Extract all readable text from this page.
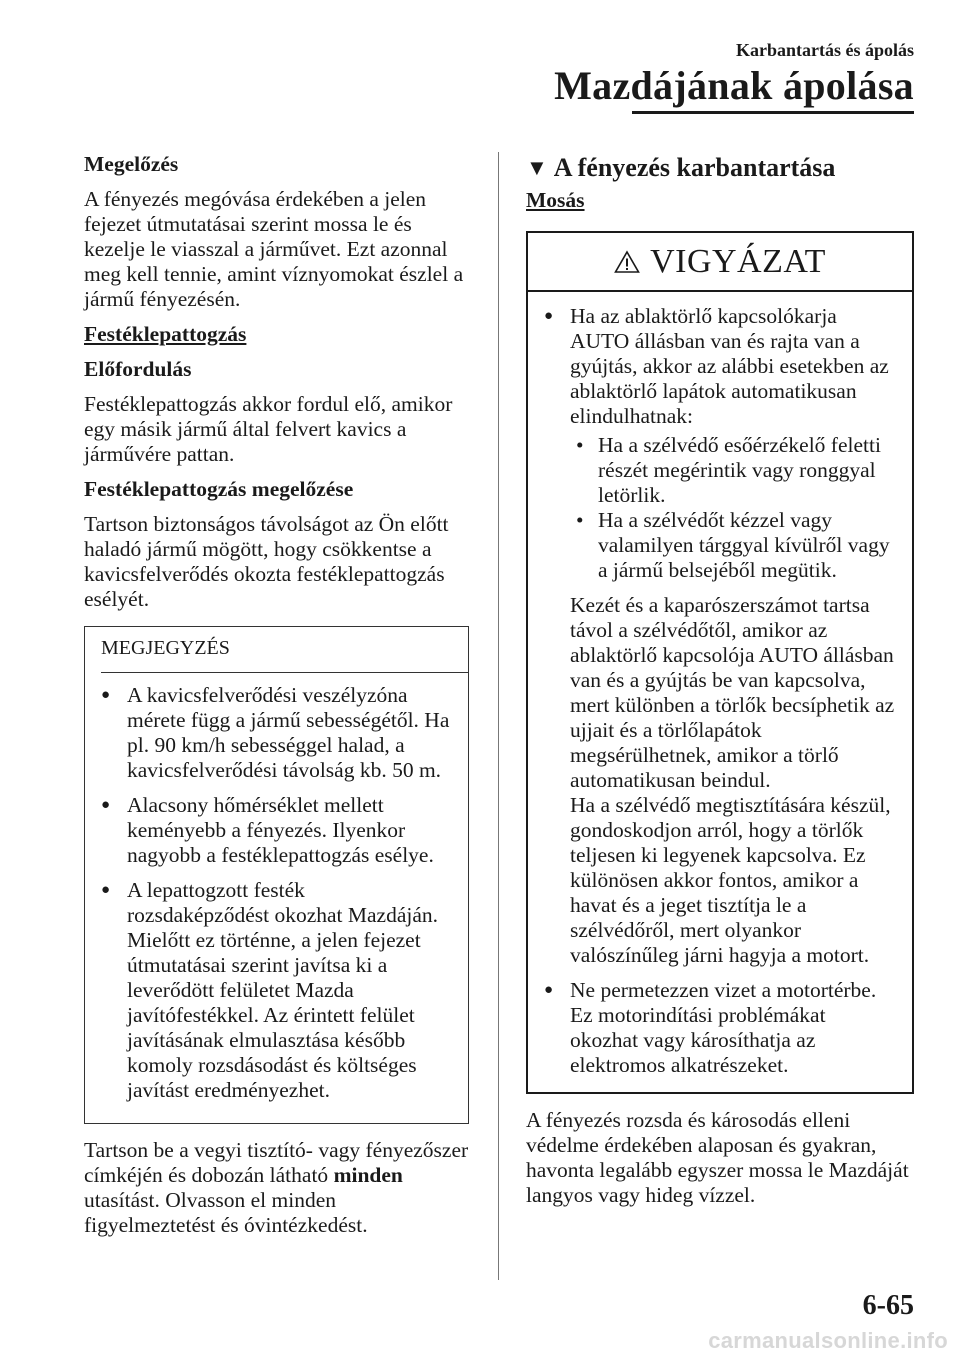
Karbantartás és ápolás
Mazdájának ápolása

Megelőzés

A fényezés megóvása érdekében a jelen fejezet útmutatásai szerint mossa le és kezelje le viasszal a járművet. Ezt azonnal meg kell tennie, amint víznyomokat észlel a jármű fényezésén.

Festéklepattogzás

Előfordulás

Festéklepattogzás akkor fordul elő, amikor egy másik jármű által felvert kavics a járművére pattan.

Festéklepattogzás megelőzése

Tartson biztonságos távolságot az Ön előtt haladó jármű mögött, hogy csökkentse a kavicsfelverődés okozta festéklepattogzás esélyét.

MEGJEGYZÉS
● A kavicsfelverődési veszélyzóna mérete függ a jármű sebességétől. Ha pl. 90 km/h sebességgel halad, a kavicsfelverődési távolság kb. 50 m.
● Alacsony hőmérséklet mellett keményebb a fényezés. Ilyenkor nagyobb a festéklepattogzás esélye.
● A lepattogzott festék rozsdaképződést okozhat Mazdáján. Mielőtt ez történne, a jelen fejezet útmutatásai szerint javítsa ki a leverődött felületet Mazda javítófestékkel. Az érintett felület javításának elmulasztása később komoly rozsdásodást és költséges javítást eredményezhet.

Tartson be a vegyi tisztító- vagy fényezőszer címkéjén és dobozán látható minden utasítást. Olvasson el minden figyelmeztetést és óvintézkedést.

▼ A fényezés karbantartása

Mosás

VIGYÁZAT
● Ha az ablaktörlő kapcsolókarja AUTO állásban van és rajta van a gyújtás, akkor az alábbi esetekben az ablaktörlő lapátok automatikusan elindulhatnak:
• Ha a szélvédő esőérzékelő feletti részét megérintik vagy ronggyal letörlik.
• Ha a szélvédőt kézzel vagy valamilyen tárggyal kívülről vagy a jármű belsejéből megütik.
Kezét és a kaparószerszámot tartsa távol a szélvédőtől, amikor az ablaktörlő kapcsolója AUTO állásban van és a gyújtás be van kapcsolva, mert különben a törlők becsíphetik az ujjait és a törlőlapátok megsérülhetnek, amikor a törlő automatikusan beindul.
Ha a szélvédő megtisztítására készül, gondoskodjon arról, hogy a törlők teljesen ki legyenek kapcsolva. Ez különösen akkor fontos, amikor a havat és a jeget tisztítja le a szélvédőről, mert olyankor valószínűleg járni hagyja a motort.
● Ne permetezzen vizet a motortérbe. Ez motorindítási problémákat okozhat vagy károsíthatja az elektromos alkatrészeket.

A fényezés rozsda és károsodás elleni védelme érdekében alaposan és gyakran, havonta legalább egyszer mossa le Mazdáját langyos vagy hideg vízzel.

6-65
carmanualsonline.info
